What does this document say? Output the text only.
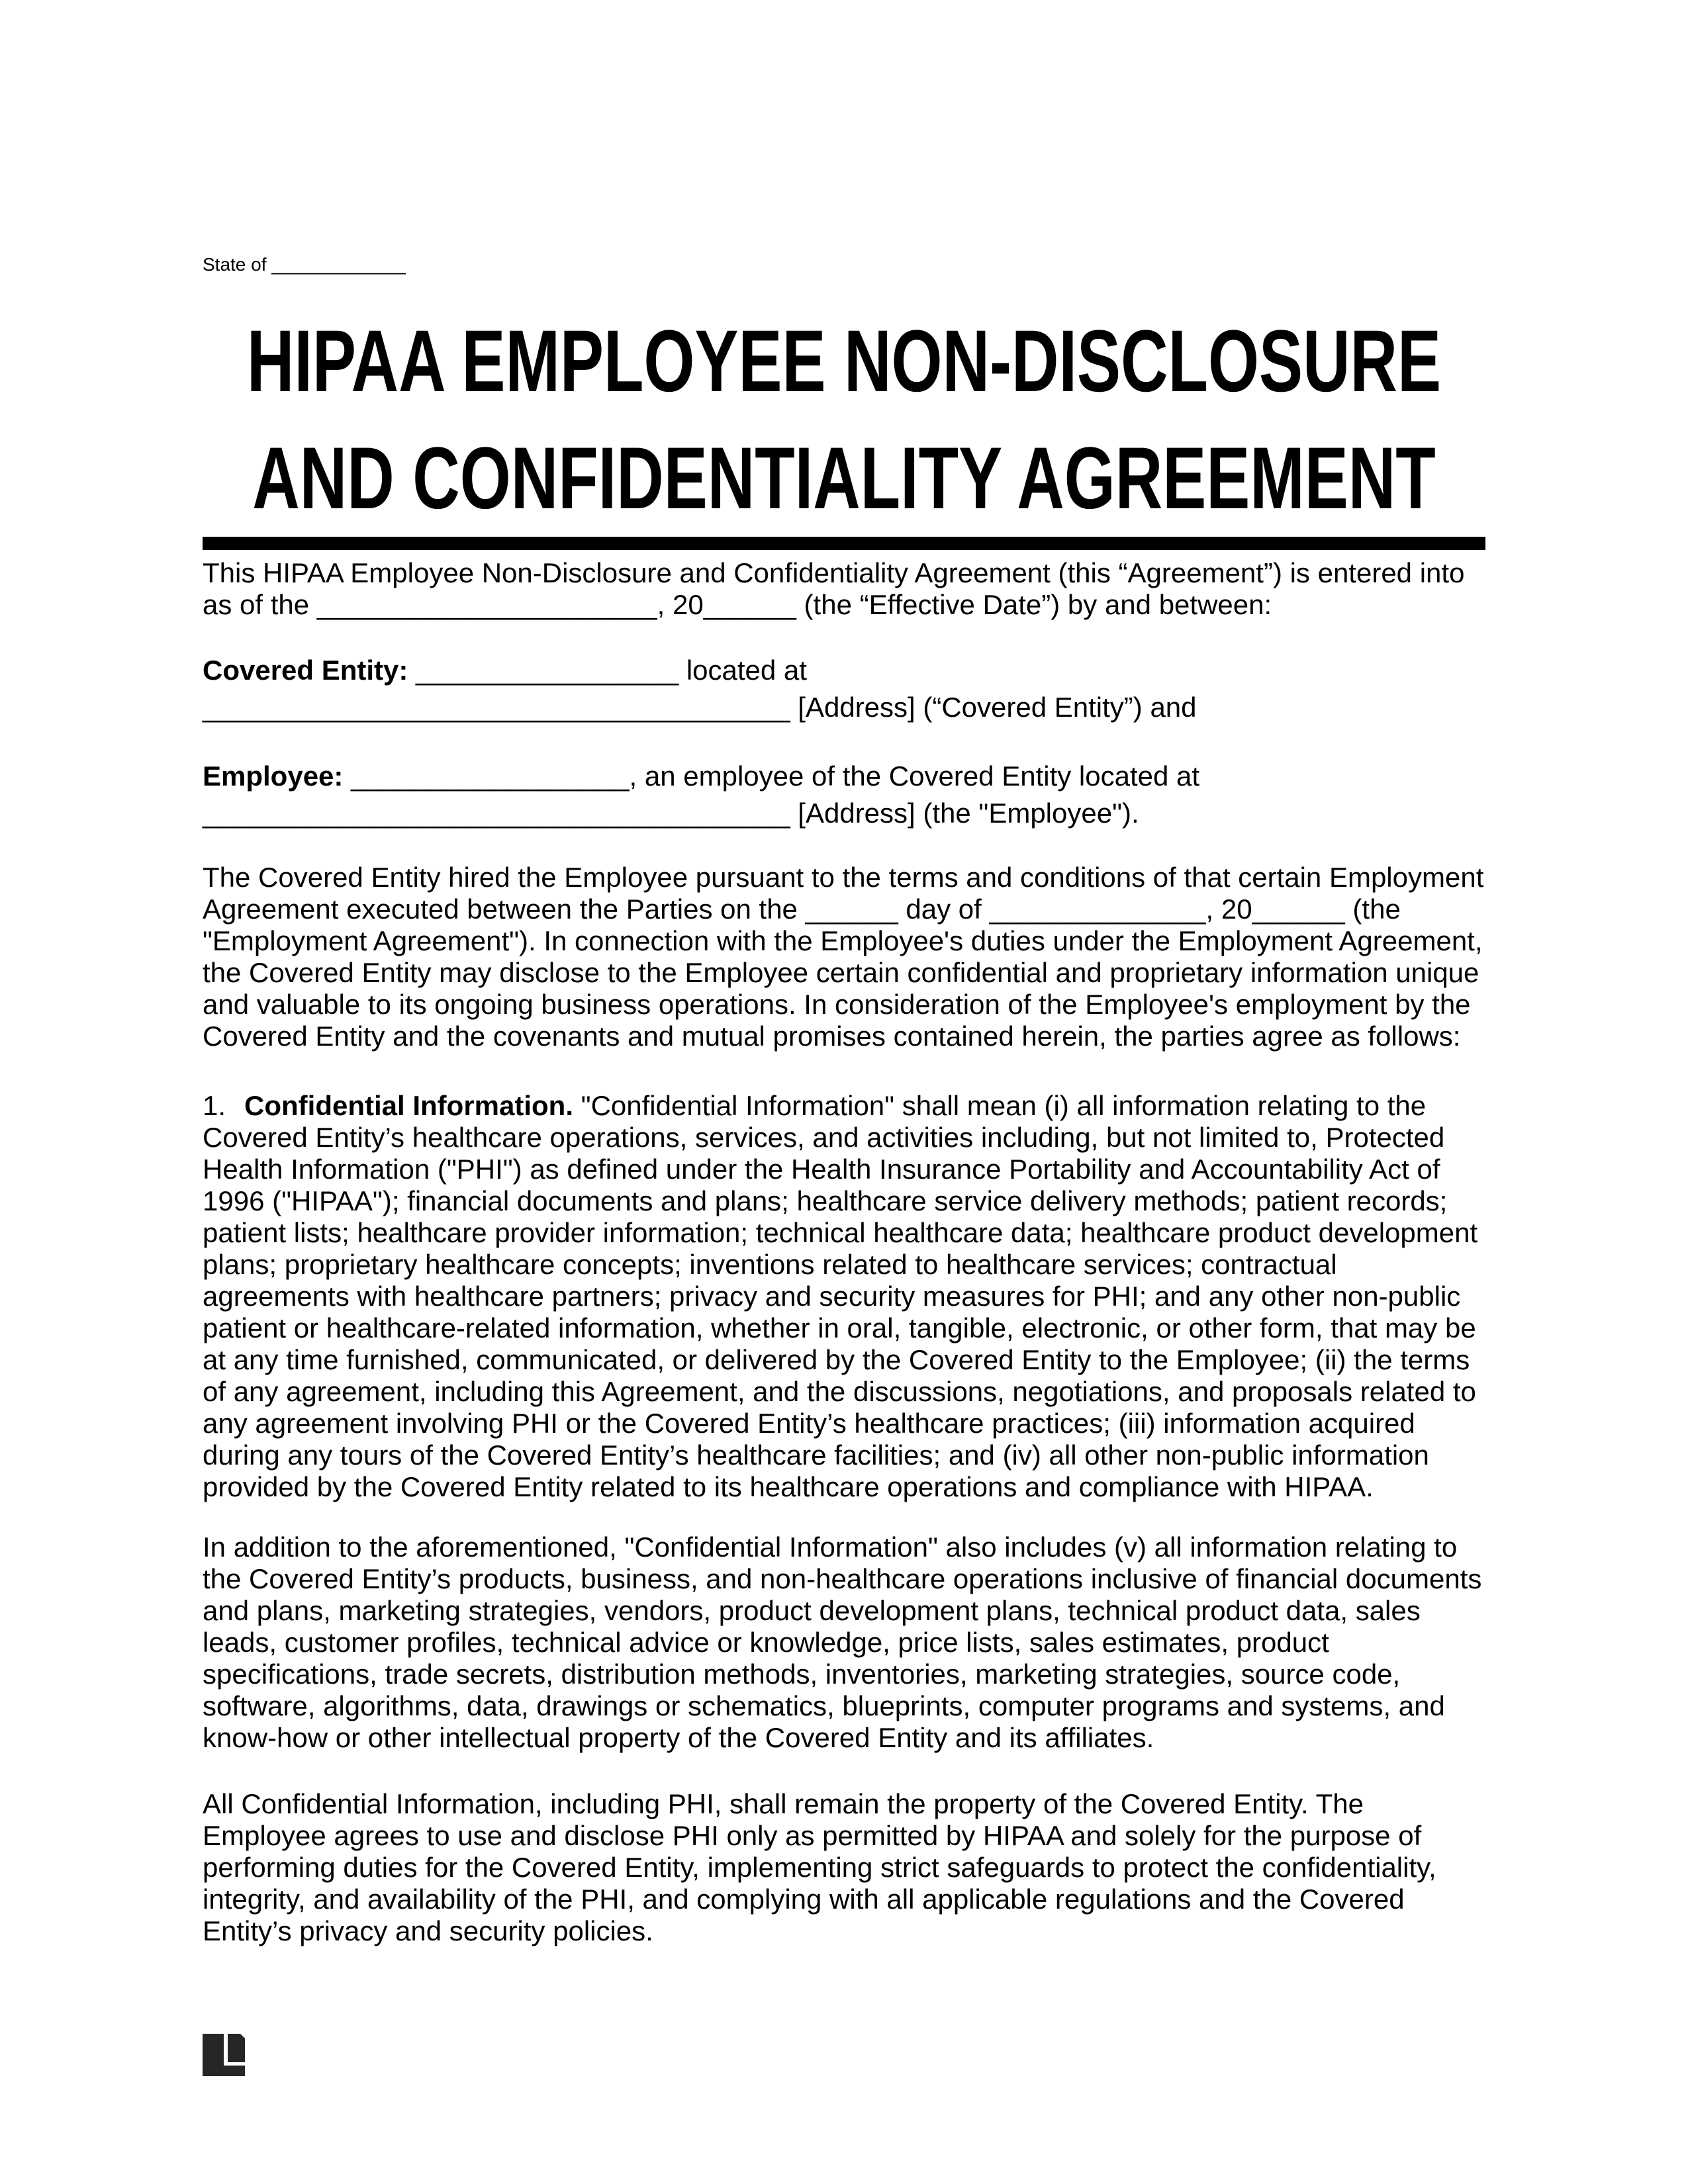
State of _____________
HIPAA EMPLOYEE NON-DISCLOSURE
AND CONFIDENTIALITY AGREEMENT

This HIPAA Employee Non-Disclosure and Confidentiality Agreement (this “Agreement”) is entered into as of the ______________________, 20______ (the “Effective Date”) by and between:

Covered Entity: _________________ located at
______________________________________ [Address] (“Covered Entity”) and
Employee: __________________, an employee of the Covered Entity located at
______________________________________ [Address] (the "Employee").

The Covered Entity hired the Employee pursuant to the terms and conditions of that certain Employment Agreement executed between the Parties on the ______ day of ______________, 20______ (the "Employment Agreement"). In connection with the Employee's duties under the Employment Agreement, the Covered Entity may disclose to the Employee certain confidential and proprietary information unique and valuable to its ongoing business operations. In consideration of the Employee's employment by the Covered Entity and the covenants and mutual promises contained herein, the parties agree as follows:

1. Confidential Information. "Confidential Information" shall mean (i) all information relating to the Covered Entity’s healthcare operations, services, and activities including, but not limited to, Protected Health Information ("PHI") as defined under the Health Insurance Portability and Accountability Act of 1996 ("HIPAA"); financial documents and plans; healthcare service delivery methods; patient records; patient lists; healthcare provider information; technical healthcare data; healthcare product development plans; proprietary healthcare concepts; inventions related to healthcare services; contractual agreements with healthcare partners; privacy and security measures for PHI; and any other non-public patient or healthcare-related information, whether in oral, tangible, electronic, or other form, that may be at any time furnished, communicated, or delivered by the Covered Entity to the Employee; (ii) the terms of any agreement, including this Agreement, and the discussions, negotiations, and proposals related to any agreement involving PHI or the Covered Entity’s healthcare practices; (iii) information acquired during any tours of the Covered Entity’s healthcare facilities; and (iv) all other non-public information provided by the Covered Entity related to its healthcare operations and compliance with HIPAA.

In addition to the aforementioned, "Confidential Information" also includes (v) all information relating to the Covered Entity’s products, business, and non-healthcare operations inclusive of financial documents and plans, marketing strategies, vendors, product development plans, technical product data, sales leads, customer profiles, technical advice or knowledge, price lists, sales estimates, product specifications, trade secrets, distribution methods, inventories, marketing strategies, source code, software, algorithms, data, drawings or schematics, blueprints, computer programs and systems, and know-how or other intellectual property of the Covered Entity and its affiliates.

All Confidential Information, including PHI, shall remain the property of the Covered Entity. The Employee agrees to use and disclose PHI only as permitted by HIPAA and solely for the purpose of performing duties for the Covered Entity, implementing strict safeguards to protect the confidentiality, integrity, and availability of the PHI, and complying with all applicable regulations and the Covered Entity’s privacy and security policies.
